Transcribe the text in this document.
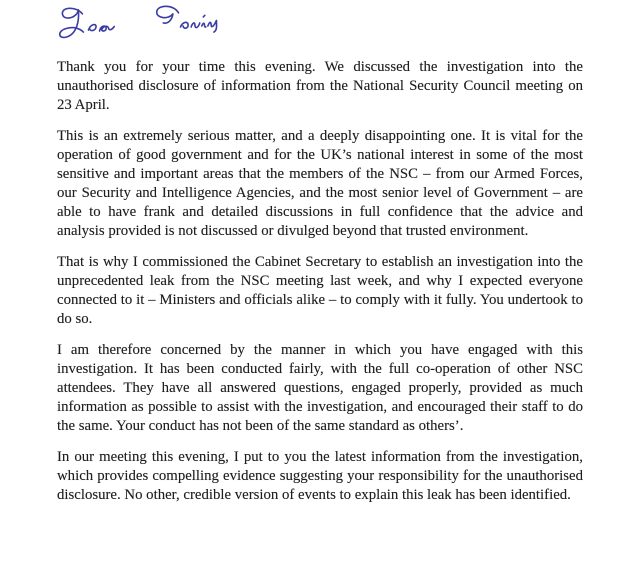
Thank you for your time this evening. We discussed the investigation into the unauthorised disclosure of information from the National Security Council meeting on 23 April.

This is an extremely serious matter, and a deeply disappointing one. It is vital for the operation of good government and for the UK’s national interest in some of the most sensitive and important areas that the members of the NSC – from our Armed Forces, our Security and Intelligence Agencies, and the most senior level of Government – are able to have frank and detailed discussions in full confidence that the advice and analysis provided is not discussed or divulged beyond that trusted environment.

That is why I commissioned the Cabinet Secretary to establish an investigation into the unprecedented leak from the NSC meeting last week, and why I expected everyone connected to it – Ministers and officials alike – to comply with it fully. You undertook to do so.

I am therefore concerned by the manner in which you have engaged with this investigation. It has been conducted fairly, with the full co-operation of other NSC attendees. They have all answered questions, engaged properly, provided as much information as possible to assist with the investigation, and encouraged their staff to do the same. Your conduct has not been of the same standard as others’.

In our meeting this evening, I put to you the latest information from the investigation, which provides compelling evidence suggesting your responsibility for the unauthorised disclosure. No other, credible version of events to explain this leak has been identified.
